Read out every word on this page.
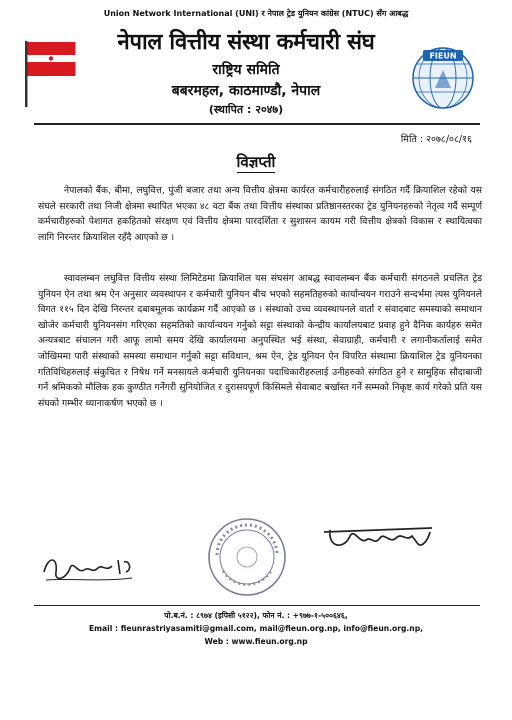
Union Network International (UNI) र नेपाल ट्रेड युनियन कांग्रेस (NTUC) सँग आबद्ध
नेपाल वित्तीय संस्था कर्मचारी संघ
राष्ट्रिय समिति
बबरमहल, काठमाण्डौ, नेपाल
(स्थापित : २०४७)
FIEUN
मिति : २०७८/०८/१६
विज्ञप्ती

नेपालको बैंक, बीमा, लघुवित्त, पुंजी बजार तथा अन्य वित्तीय क्षेत्रमा कार्यरत कर्मचारीहरुलाई संगठित गर्दै क्रियाशिल रहेको यस संघले सरकारी तथा निजी क्षेत्रमा स्थापित भएका ४८ वटा बैंक तथा वित्तीय संस्थाका प्रतिष्ठानस्तरका ट्रेड युनियनहरुको नेतृत्व गर्दै सम्पूर्ण कर्मचारीहरुको पेशागत हकहितको संरक्षण एवं वित्तीय क्षेत्रमा पारदर्शिता र सुशासन कायम गरी वित्तीय क्षेत्रको विकास र स्थायित्वका लागि निरन्तर क्रियाशिल रहँदै आएको छ ।

स्वावलम्बन लघुवित्त वित्तीय संस्था लिमिटेडमा क्रियाशिल यस संघसंग आबद्ध स्वावलम्बन बैंक कर्मचारी संगठनले प्रचलित ट्रेड युनियन ऐन तथा श्रम ऐन अनुसार व्यवस्थापन र कर्मचारी युनियन बीच भएको सहमतिहरुको कार्यान्वयन गराउने सन्दर्भमा त्यस युनियनले विगत ११५ दिन देखि निरन्तर दबाबमूलक कार्यक्रम गर्दै आएको छ । संस्थाको उच्च व्यवस्थापनले वार्ता र संवादबाट समस्याको समाधान खोजेर कर्मचारी युनियनसंग गरिएका सहमतिको कार्यान्वयन गर्नुको सट्टा संस्थाको केन्द्रीय कार्यालयबाट प्रवाह हुने दैनिक कार्यहरु समेत अन्यत्रबाट संचालन गरी आफू लामो समय देखि कार्यालयमा अनुपस्थित भई संस्था, सेवाग्राही, कर्मचारी र लगानीकर्तालाई समेत जोखिममा पारी संस्थाको समस्या समाधान गर्नुको सट्टा सविधान, श्रम ऐन, ट्रेड युनियन ऐन विपरित संस्थामा क्रियाशिल ट्रेड युनियनका गतिविधिहरुलाई संकुचित र निषेध गर्ने मनसायले कर्मचारी युनियनका पदाधिकारीहरुलाई उनीहरुको संगठित हुने र सामुहिक सौदाबाजी गर्ने श्रमिकको मौलिक हक कुण्ठीत गर्नेगरी सुनियोजित र दुरासयपूर्ण किसिमले सेवाबाट बर्खास्त गर्ने सम्मको निकृष्ट कार्य गरेको प्रति यस संघको गम्भीर ध्यानाकर्षण भएको छ ।

पो.ब.नं. : ८९७४ (इपिसी ५१२२), फोन नं. : +९७७-१-५००६४६,
Email : fieunrastriyasamiti@gmail.com, mail@fieun.org.np, info@fieun.org.np,
Web : www.fieun.org.np
